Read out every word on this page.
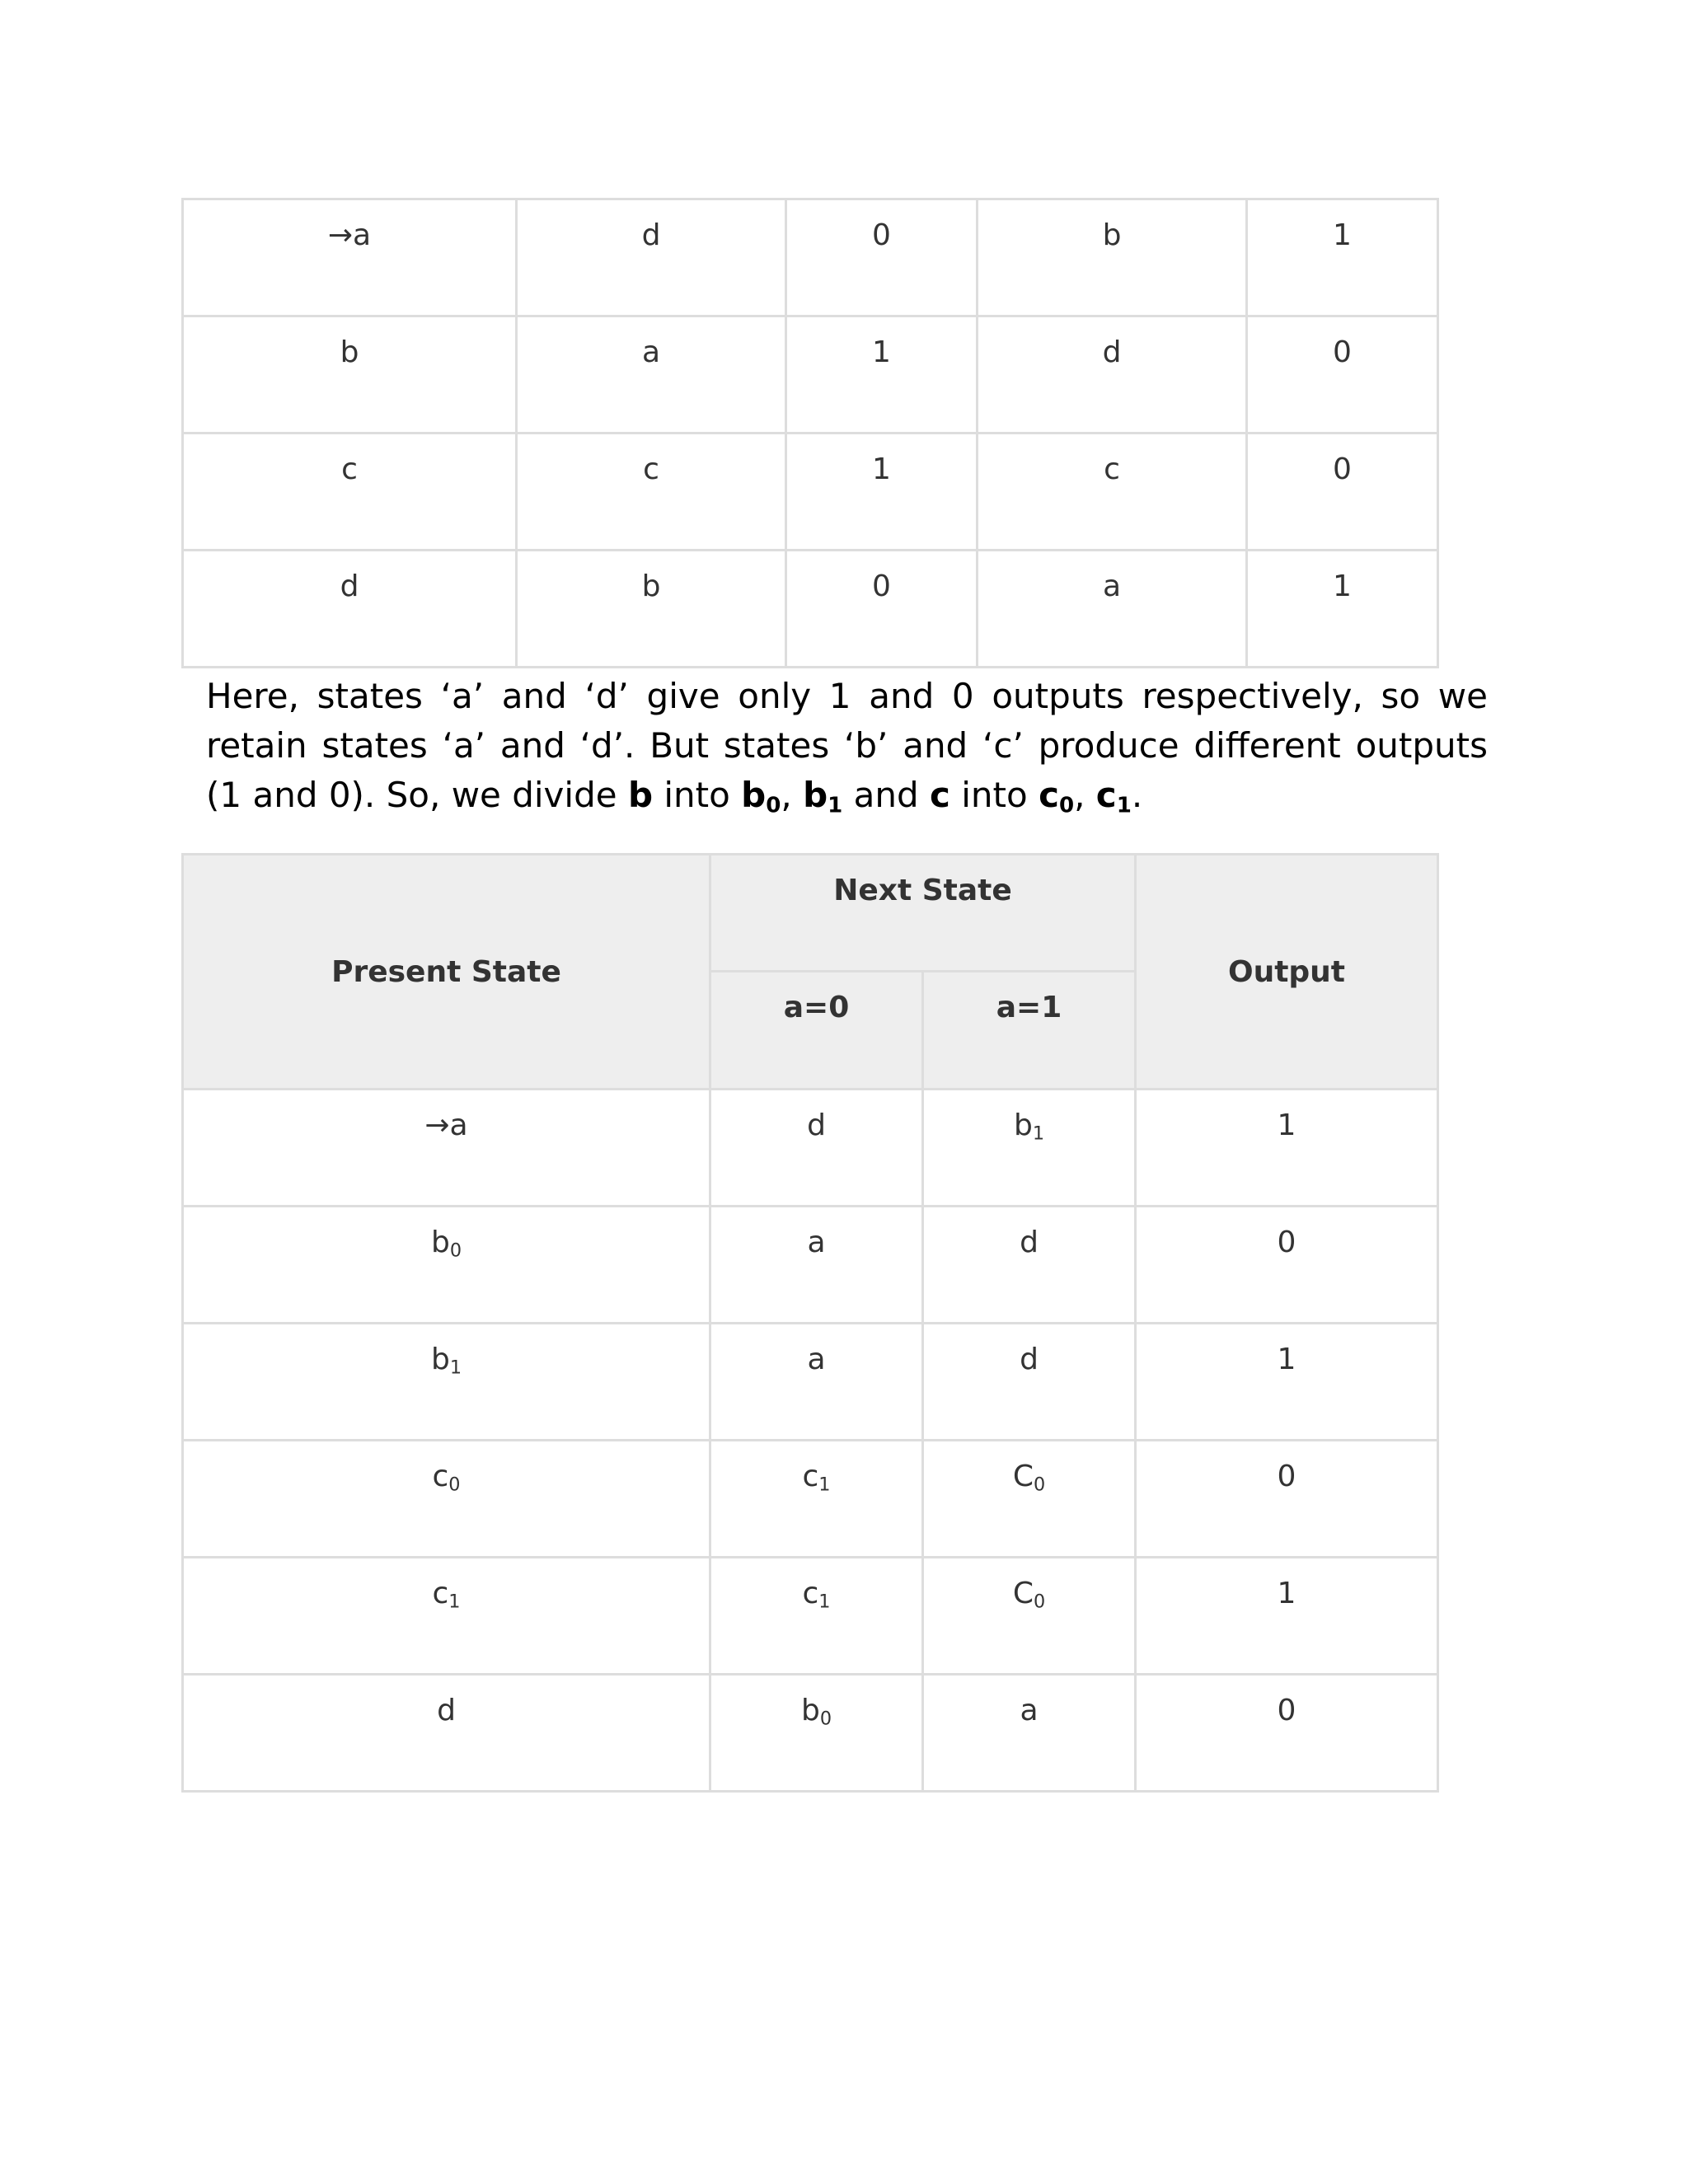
→a	d	0	b	1
b	a	1	d	0
c	c	1	c	0
d	b	0	a	1

Here, states ‘a’ and ‘d’ give only 1 and 0 outputs respectively, so we retain states ‘a’ and ‘d’. But states ‘b’ and ‘c’ produce different outputs (1 and 0). So, we divide b into $b_0$, $b_1$ and c into $c_0$, $c_1$.

Present State	Next State		Output
	a=0	a=1	
→a	d	$b_1$	1
$b_0$	a	d	0
$b_1$	a	d	1
$c_0$	$c_1$	$C_0$	0
$c_1$	$c_1$	$C_0$	1
d	$b_0$	a	0
